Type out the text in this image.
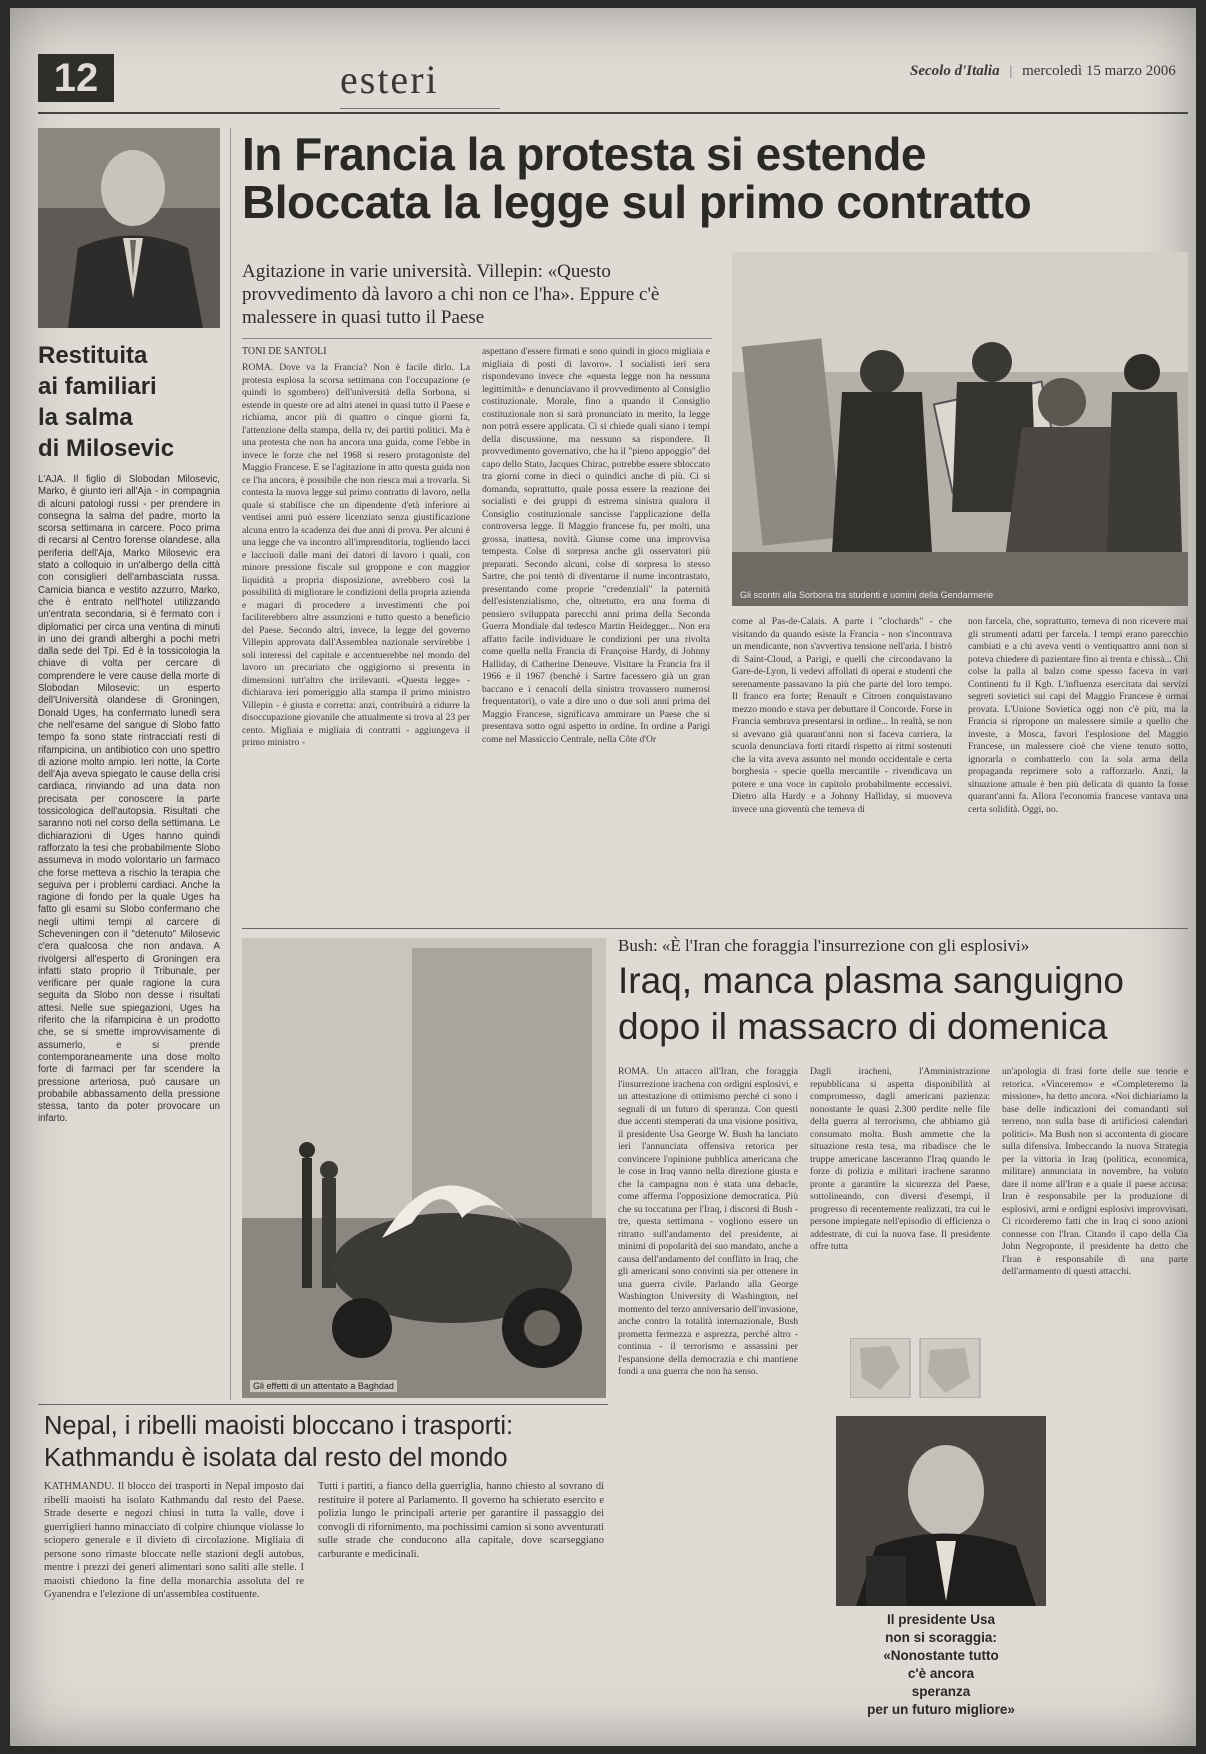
12	esteri	Secolo d'Italia | mercoledì 15 marzo 2006
Restituita
ai familiari
la salma
di Milosevic
L'AJA. Il figlio di Slobodan Milosevic, Marko, è giunto ieri all'Aja - in compagnia di alcuni patologi russi - per prendere in consegna la salma del padre, morto la scorsa settimana in carcere. Poco prima di recarsi al Centro forense olandese, alla periferia dell'Aja, Marko Milosevic era stato a colloquio in un'albergo della città con consiglieri dell'ambasciata russa. Camicia bianca e vestito azzurro, Marko, che è entrato nell'hotel utilizzando un'entrata secondaria, si è fermato con i diplomatici per circa una ventina di minuti in uno dei grandi alberghi a pochi metri dalla sede del Tpi. Ed è la tossicologia la chiave di volta per cercare di comprendere le vere cause della morte di Slobodan Milosevic: un esperto dell'Università olandese di Groningen, Donald Uges, ha confermato lunedì sera che nell'esame del sangue di Slobo fatto tempo fa sono state rintracciati resti di rifampicina, un antibiotico con uno spettro di azione molto ampio. Ieri notte, la Corte dell'Aja aveva spiegato le cause della crisi cardiaca, rinviando ad una data non precisata per conoscere la parte tossicologica dell'autopsia. Risultati che saranno noti nel corso della settimana. Le dichiarazioni di Uges hanno quindi rafforzato la tesi che probabilmente Slobo assumeva in modo volontario un farmaco che forse metteva a rischio la terapia che seguiva per i problemi cardiaci. Anche la ragione di fondo per la quale Uges ha fatto gli esami su Slobo confermano che negli ultimi tempi al carcere di Scheveningen con il "detenuto" Milosevic c'era qualcosa che non andava. A rivolgersi all'esperto di Groningen era infatti stato proprio il Tribunale, per verificare per quale ragione la cura seguita da Slobo non desse i risultati attesi. Nelle sue spiegazioni, Uges ha riferito che la rifampicina è un prodotto che, se si smette improvvisamente di assumerlo, e si prende contemporaneamente una dose molto forte di farmaci per far scendere la pressione arteriosa, può causare un probabile abbassamento della pressione stessa, tanto da poter provocare un infarto.
In Francia la protesta si estende
Bloccata la legge sul primo contratto
Agitazione in varie università. Villepin: «Questo provvedimento dà lavoro a chi non ce l'ha». Eppure c'è malessere in quasi tutto il Paese
TONI DE SANTOLI
ROMA. Dove va la Francia? Non è facile dirlo. La protesta esplosa la scorsa settimana con l'occupazione (e quindi lo sgombero) dell'università della Sorbona, si estende in queste ore ad altri atenei in quasi tutto il Paese e richiama, ancor più di quattro o cinque giorni fa, l'attenzione della stampa, della tv, dei partiti politici. Ma è una protesta che non ha ancora una guida, come l'ebbe in invece le forze che nel 1968 si resero protagoniste del Maggio Francese. E se l'agitazione in atto questa guida non ce l'ha ancora, è possibile che non riesca mai a trovarla. Si contesta la nuova legge sul primo contratto di lavoro, nella quale si stabilisce che un dipendente d'età inferiore ai ventisei anni può essere licenziato senza giustificazione alcuna entro la scadenza dei due anni di prova. Per alcuni è una legge che va incontro all'imprenditoria, togliendo lacci e lacciuoli dalle mani dei datori di lavoro i quali, con minore pressione fiscale sul groppone e con maggior liquidità a propria disposizione, avrebbero così la possibilità di migliorare le condizioni della propria azienda e magari di procedere a investimenti che poi faciliterebbero altre assunzioni e tutto questo a beneficio del Paese. Secondo altri, invece, la legge del governo Villepin approvata dall'Assemblea nazionale servirebbe i soli interessi del capitale e accentuerebbe nel mondo del lavoro un precariato che oggigiorno si presenta in dimensioni tutt'altro che irrilevanti. «Questa legge» - dichiarava ieri pomeriggio alla stampa il primo ministro Villepin - è giusta e corretta: anzi, contribuirà a ridurre la disoccupazione giovanile che attualmente si trova al 23 per cento. Migliaia e migliaia di contratti - aggiungeva il primo ministro -
aspettano d'essere firmati e sono quindi in gioco migliaia e migliaia di posti di lavoro». I socialisti ieri sera rispondevano invece che «questa legge non ha nessuna legittimità» e denunciavano il provvedimento al Consiglio costituzionale. Morale, fino a quando il Consiglio costituzionale non si sarà pronunciato in merito, la legge non potrà essere applicata. Ci si chiede quali siano i tempi della discussione, ma nessuno sa rispondere. Il provvedimento governativo, che ha il "pieno appoggio" del capo dello Stato, Jacques Chirac, potrebbe essere sbloccato tra giorni come in dieci o quindici anche di più. Ci si domanda, soprattutto, quale possa essere la reazione dei socialisti e dei gruppi di estrema sinistra qualora il Consiglio costituzionale sancisse l'applicazione della controversa legge. Il Maggio francese fu, per molti, una grossa, inattesa, novità. Giunse come una improvvisa tempesta. Colse di sorpresa anche gli osservatori più preparati. Secondo alcuni, colse di sorpresa lo stesso Sartre, che poi tentò di diventarne il nume incontrastato, presentando come proprie "credenziali" la paternità dell'esistenzialismo, che, oltretutto, era una forma di pensiero sviluppata parecchi anni prima della Seconda Guerra Mondiale dal tedesco Martin Heidegger... Non era affatto facile individuare le condizioni per una rivolta come quella nella Francia di Françoise Hardy, di Johnny Halliday, di Catherine Deneuve. Visitare la Francia fra il 1966 e il 1967 (benché i Sartre facessero già un gran baccano e i cenacoli della sinistra trovassero numerosi frequentatori), o vale a dire uno o due soli anni prima del Maggio Francese, significava ammirare un Paese che si presentava sotto ogni aspetto in ordine. In ordine a Parigi come nel Massiccio Centrale, nella Côte d'Or
Gli scontri alla Sorbona tra studenti e uomini della Gendarmerie
come al Pas-de-Calais. A parte i "clochards" - che visitando da quando esiste la Francia - non s'incontrava un mendicante, non s'avvertiva tensione nell'aria. I bistrò di Saint-Cloud, a Parigi, e quelli che circondavano la Gare-de-Lyon, li vedevi affollati di operai e studenti che serenamente passavano la più che parte del loro tempo. Il franco era forte; Renault e Citroen conquistavano mezzo mondo e stava per debuttare il Concorde. Forse in Francia sembrava presentarsi in ordine... In realtà, se non si avevano già quarant'anni non si faceva carriera, la scuola denunciava forti ritardi rispetto ai ritmi sostenuti che la vita aveva assunto nel mondo occidentale e certa borghesia - specie quella mercantile - rivendicava un potere e una voce in capitolo probabilmente eccessivi. Dietro alla Hardy e a Johnny Halliday, si muoveva invece una gioventù che temeva di
non farcela, che, soprattutto, temeva di non ricevere mai gli strumenti adatti per farcela. I tempi erano parecchio cambiati e a chi aveva venti o ventiquattro anni non si poteva chiedere di pazientare fino ai trenta e chissà... Chi colse la palla al balzo come spesso faceva in vari Continenti fu il Kgb. L'influenza esercitata dai servizi segreti sovietici sui capi del Maggio Francese è ormai provata. L'Unione Sovietica oggi non c'è più, ma la Francia si ripropone un malessere simile a quello che investe, a Mosca, favorì l'esplosione del Maggio Francese, un malessere cioè che viene tenuto sotto, ignorarla o combatterlo con la sola arma della propaganda reprimere solo a rafforzarlo. Anzi, la situazione attuale è ben più delicata di quanto la fosse quarant'anni fa. Allora l'economia francese vantava una certa solidità. Oggi, no.
Gli effetti di un attentato a Baghdad
Bush: «È l'Iran che foraggia l'insurrezione con gli esplosivi»
Iraq, manca plasma sanguigno
dopo il massacro di domenica
ROMA. Un attacco all'Iran, che foraggia l'insurrezione irachena con ordigni esplosivi, e un attestazione di ottimismo perché ci sono i segnali di un futuro di speranza. Con questi due accenti stemperati da una visione positiva, il presidente Usa George W. Bush ha lanciato ieri l'annunciata offensiva retorica per convincere l'opinione pubblica americana che le cose in Iraq vanno nella direzione giusta e che la campagna non è stata una debacle, come afferma l'opposizione democratica. Più che su toccatuna per l'Iraq, i discorsi di Bush - tre, questa settimana - vogliono essere un ritratto sull'andamento del presidente, ai minimi di popolarità dei suo mandato, anche a causa dell'andamento del conflitto in Iraq, che gli americani sono convinti sia per ottenere in una guerra civile. Parlando alla George Washington University di Washington, nel momento del terzo anniversario dell'invasione, anche contro la totalità internazionale, Bush prometta fermezza e asprezza, perché altro - continua - il terrorismo e assassini per l'espansione della democrazia e chi mantiene fondi a una guerra che non ha senso.
Dagli iracheni, l'Amministrazione repubblicana si aspetta disponibilità al compromesso, dagli americani pazienza: nonostante le quasi 2.300 perdite nelle file della guerra al terrorismo, che abbiamo già consumato molta. Bush ammette che la situazione resta tesa, ma ribadisce che le truppe americane lasceranno l'Iraq quando le forze di polizia e militari irachene saranno pronte a garantire la sicurezza del Paese, sottolineando, con diversi d'esempi, il progresso di recentemente realizzati, tra cui le persone impiegate nell'episodio di efficienza o addestrate, di cui la nuova fase. Il presidente offre tutta
un'apologia di frasi forte delle sue teorie e retorica. «Vinceremo» e «Completeremo la missione», ha detto ancora. «Noi dichiariamo la base delle indicazioni dei comandanti sul terreno, non sulla base di artificiosi calendari politici». Ma Bush non si accontenta di giocare sulla difensiva. Imbeccando la nuova Strategia per la vittoria in Iraq (politica, economica, militare) annunciata in novembre, ha voluto dare il nome all'Iran e a quale il paese accusa: Iran è responsabile per la produzione di esplosivi, armi e ordigni esplosivi improvvisati. Ci ricorderemo fatti che in Iraq ci sono azioni connesse con l'Iran. Citando il capo della Cia John Negroponte, il presidente ha detto che l'Iran è responsabile di una parte dell'armamento di questi attacchi.
Il presidente Usa
non si scoraggia:
«Nonostante tutto
c'è ancora
speranza
per un futuro migliore»
Nepal, i ribelli maoisti bloccano i trasporti:
Kathmandu è isolata dal resto del mondo
KATHMANDU. Il blocco dei trasporti in Nepal imposto dai ribelli maoisti ha isolato Kathmandu dal resto del Paese. Strade deserte e negozi chiusi in tutta la valle, dove i guerriglieri hanno minacciato di colpire chiunque violasse lo sciopero generale e il divieto di circolazione. Migliaia di persone sono rimaste bloccate nelle stazioni degli autobus, mentre i prezzi dei generi alimentari sono saliti alle stelle. I maoisti chiedono la fine della monarchia assoluta del re Gyanendra e l'elezione di un'assemblea costituente.
Tutti i partiti, a fianco della guerriglia, hanno chiesto al sovrano di restituire il potere al Parlamento. Il governo ha schierato esercito e polizia lungo le principali arterie per garantire il passaggio dei convogli di rifornimento, ma pochissimi camion si sono avventurati sulle strade che conducono alla capitale, dove scarseggiano carburante e medicinali.
